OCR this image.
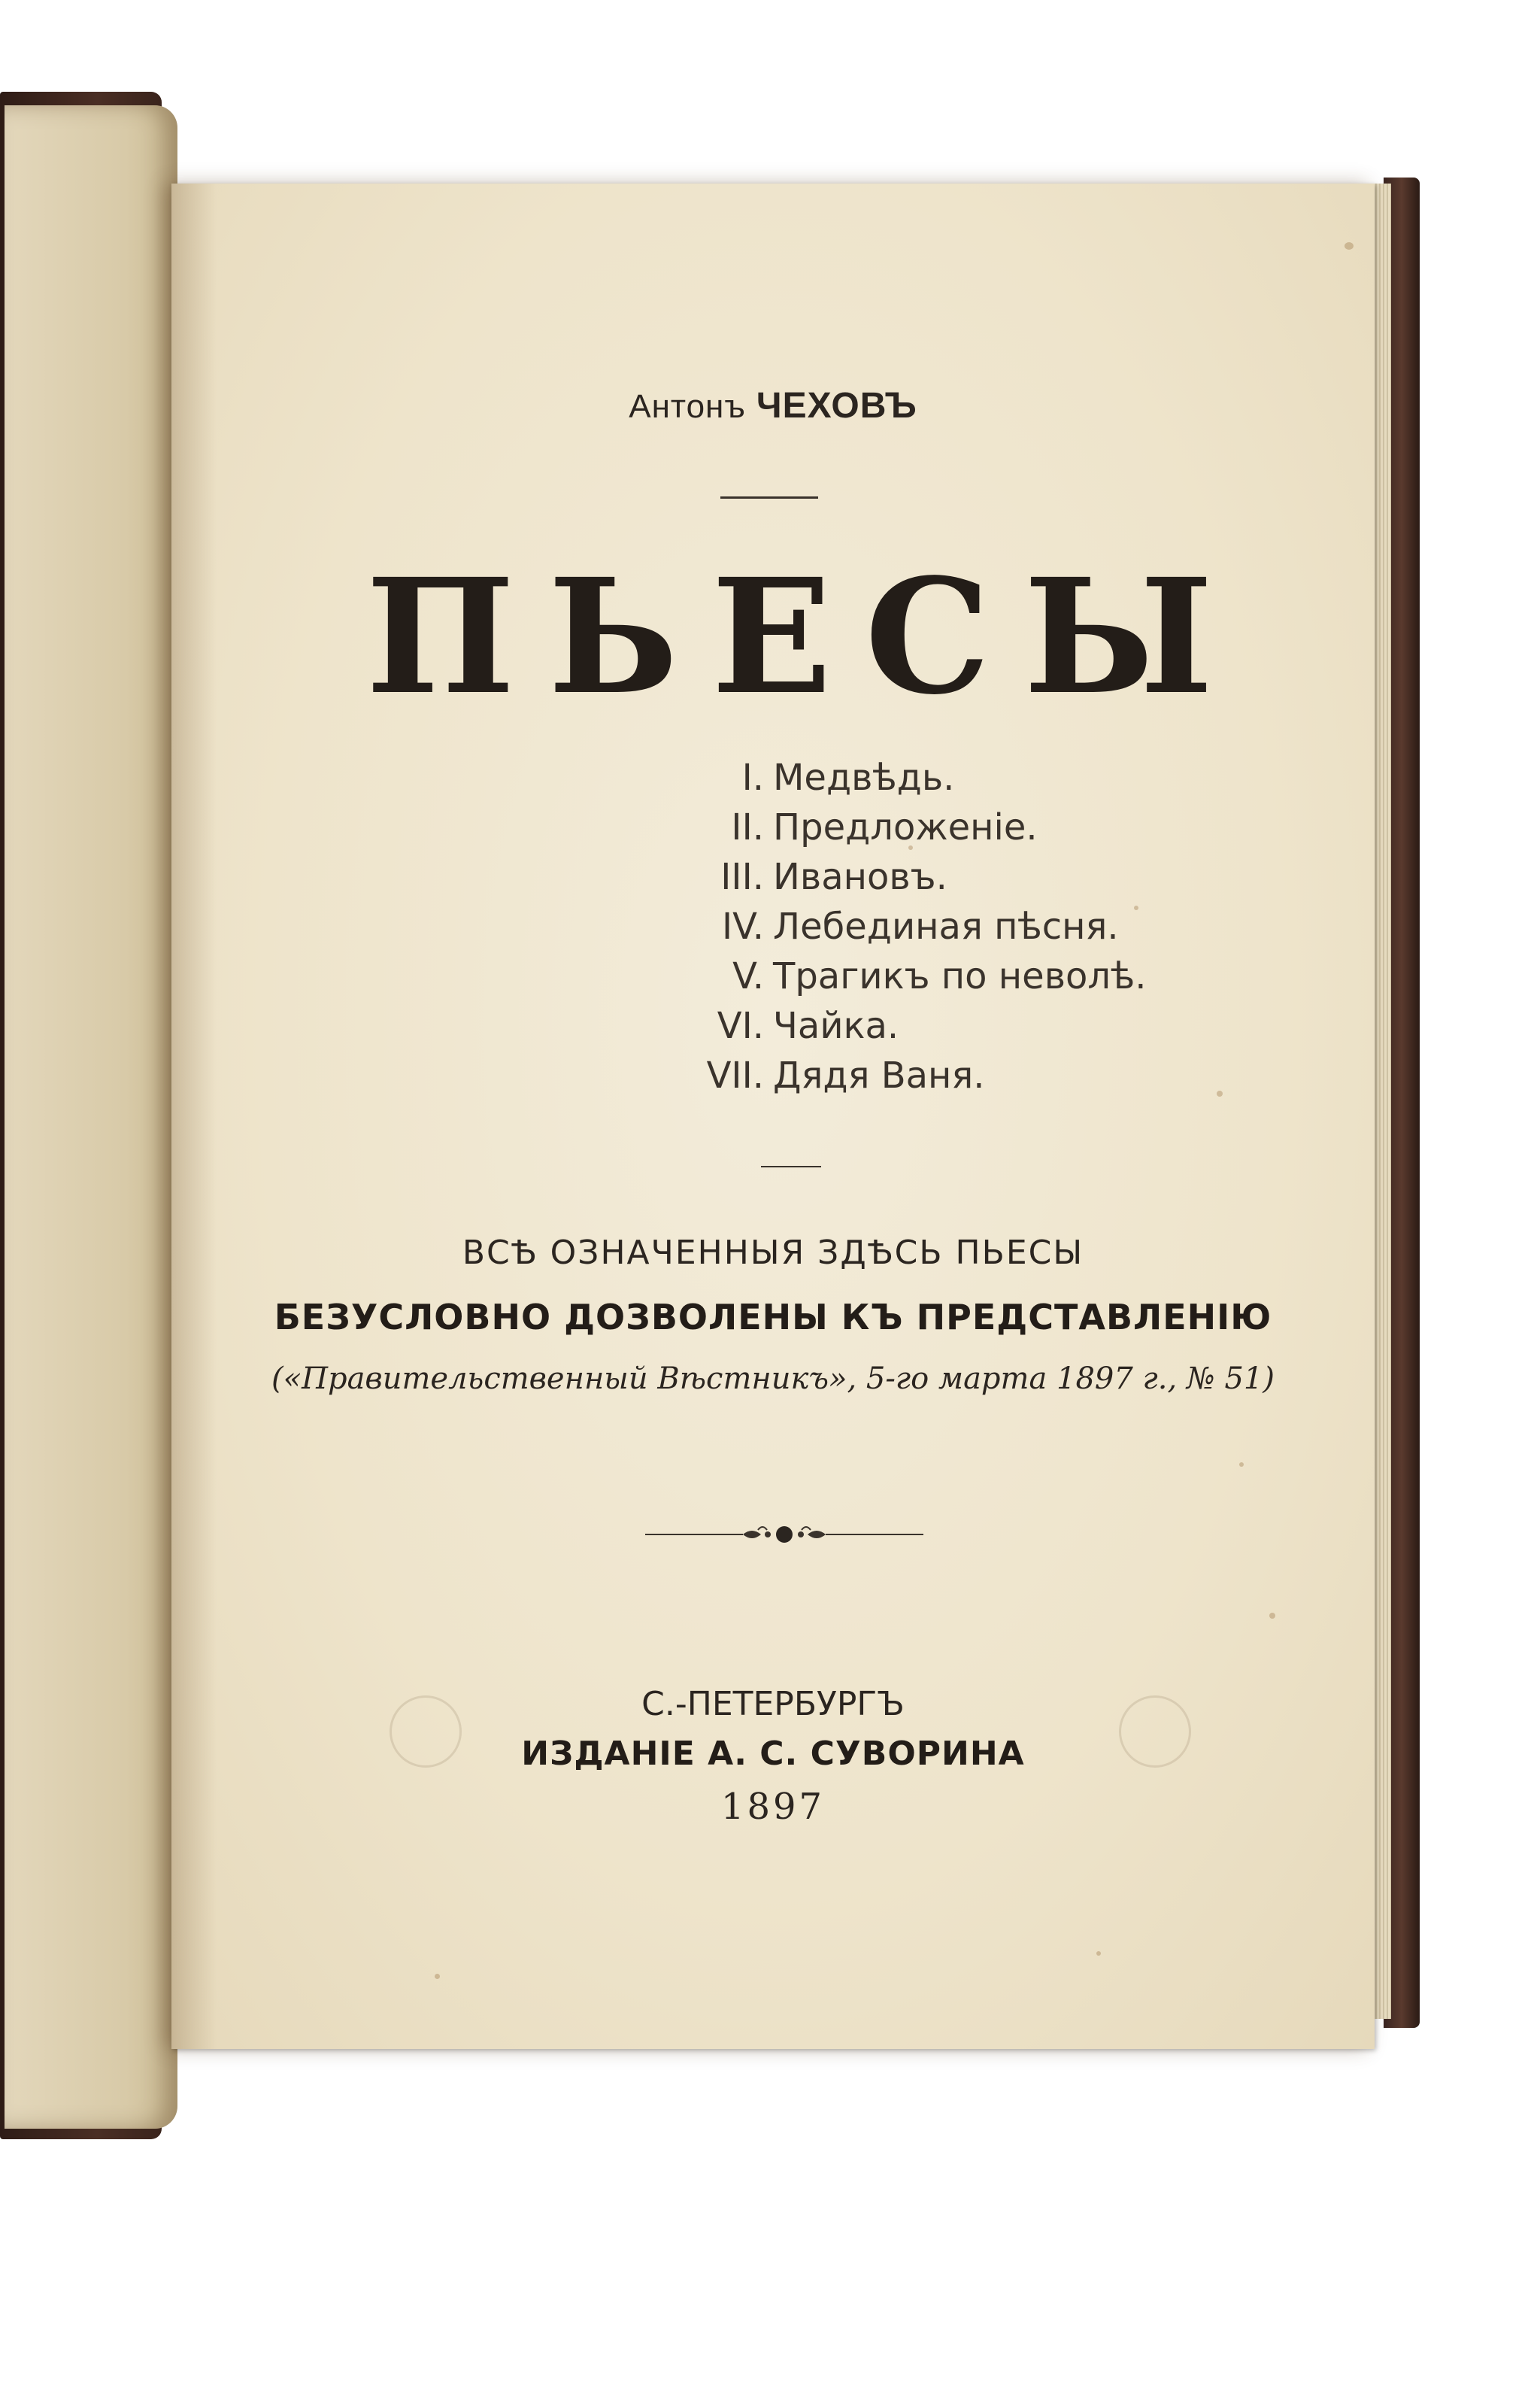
Антонъ ЧЕХОВЪ
ПЬЕСЫ
I. Медвѣдь.
II. Предложеніе.
III. Ивановъ.
IV. Лебединая пѣсня.
V. Трагикъ по неволѣ.
VI. Чайка.
VII. Дядя Ваня.
ВСѢ ОЗНАЧЕННЫЯ ЗДѢСЬ ПЬЕСЫ
БЕЗУСЛОВНО ДОЗВОЛЕНЫ КЪ ПРЕДСТАВЛЕНІЮ
(«Правительственный Вѣстникъ», 5-го марта 1897 г., № 51)
С.-ПЕТЕРБУРГЪ
ИЗДАНІЕ А. С. СУВОРИНА
1897
